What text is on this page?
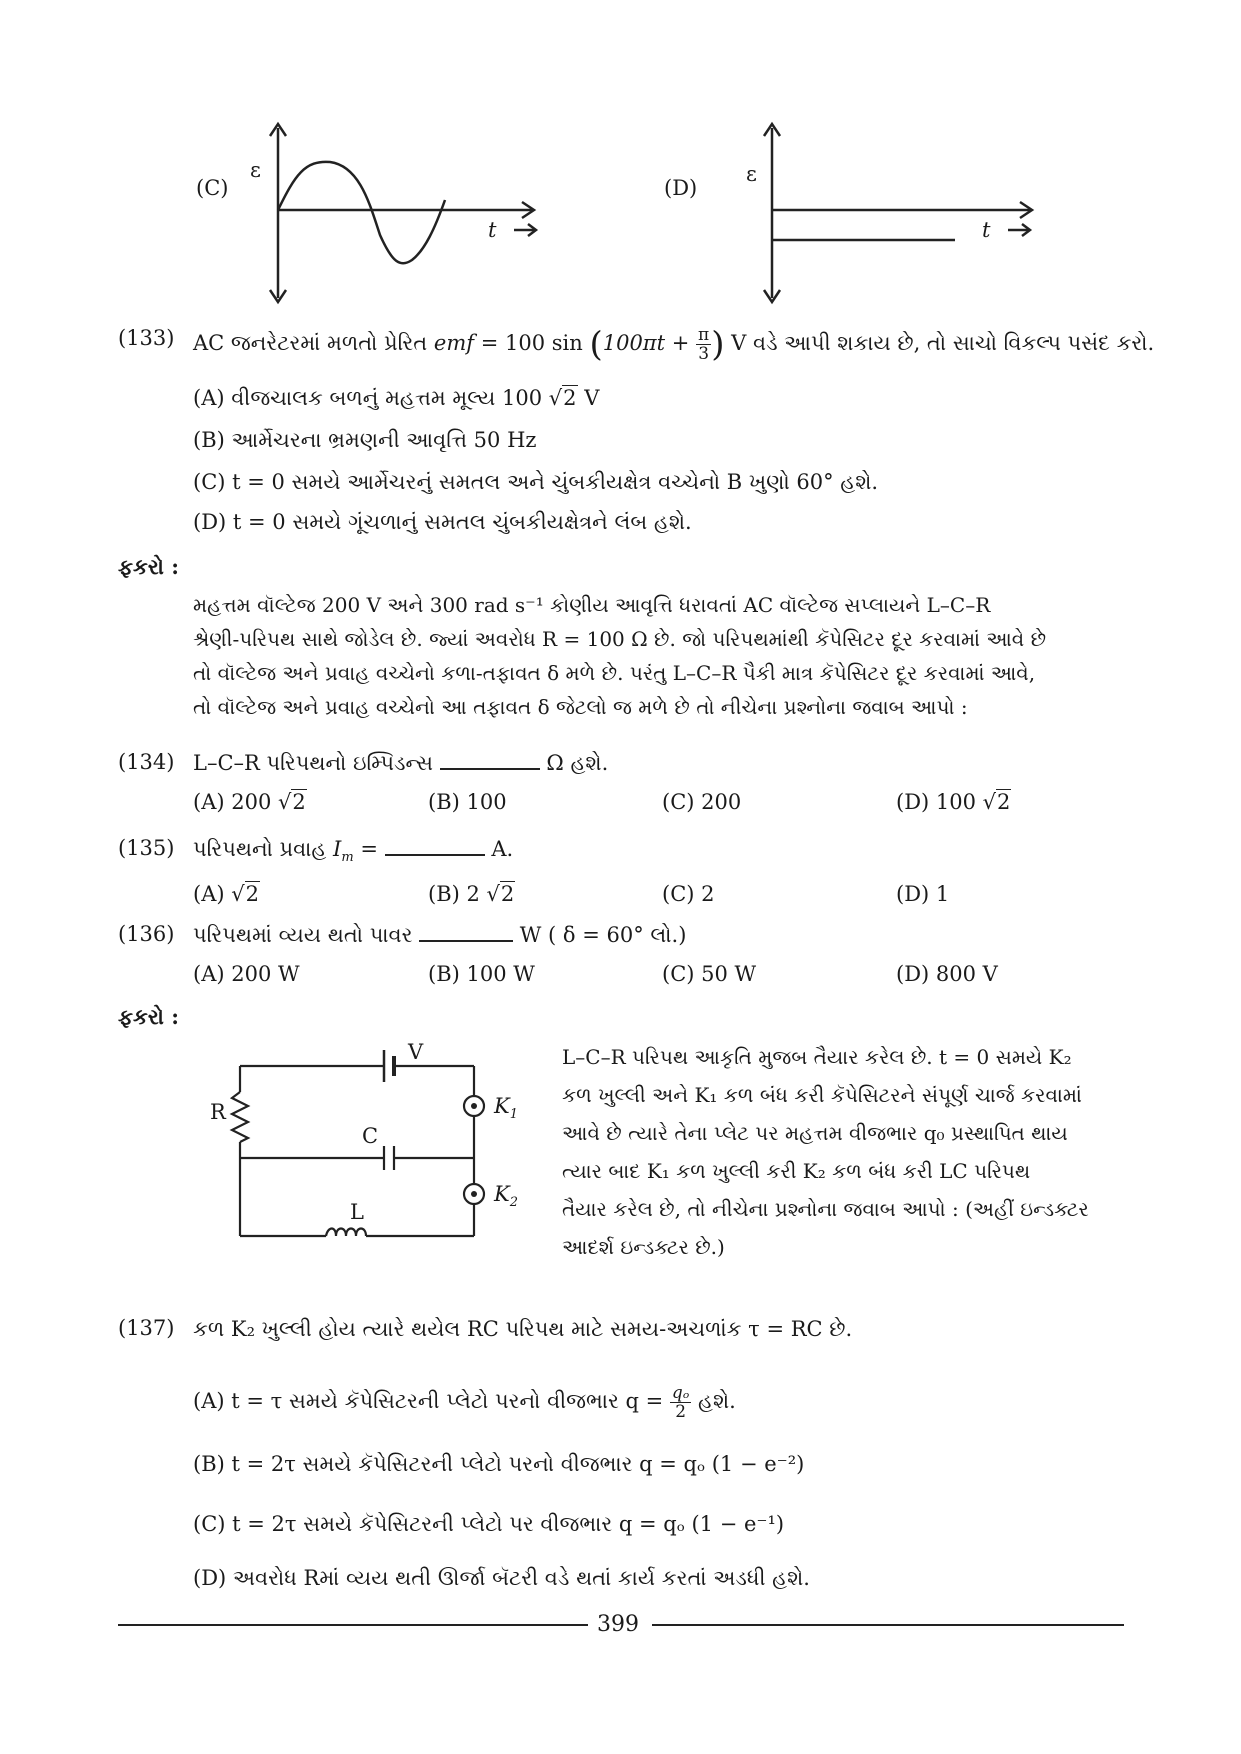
(C)
ε
t
(D)
ε
t
(133) AC જનરેટરમાં મળતો પ્રેરિત emf = 100 $\sin (100\pi t + \frac{\pi}{3}$ ) V વડે આપી શકાય છે, તો સાચો વિકલ્પ પસંદ કરો.
(A) વીજચાલક બળનું મહત્તમ મૂલ્ય 100 √2 V
(B) આર્મેચરના ભ્રમણની આવૃત્તિ 50 Hz
(C) t = 0 સમયે આર્મેચરનું સમતલ અને ચુંબકીયક્ષેત્ર વચ્ચેનો B ખુણો 60° હશે.
(D) t = 0 સમયે ગૂંચળાનું સમતલ ચુંબકીયક્ષેત્રને લંબ હશે.
ફકરો :
મહત્તમ વૉલ્ટેજ 200 V અને 300 rad s⁻¹ કોણીય આવૃત્તિ ધરાવતાં AC વૉલ્ટેજ સપ્લાયને L–C–R
શ્રેણી-પરિપથ સાથે જોડેલ છે. જ્યાં અવરોધ R = 100 Ω છે. જો પરિપથમાંથી કૅપેસિટર દૂર કરવામાં આવે છે
તો વૉલ્ટેજ અને પ્રવાહ વચ્ચેનો કળા-તફાવત δ મળે છે. પરંતુ L–C–R પૈકી માત્ર કૅપેસિટર દૂર કરવામાં આવે,
તો વૉલ્ટેજ અને પ્રવાહ વચ્ચેનો આ તફાવત δ જેટલો જ મળે છે તો નીચેના પ્રશ્નોના જવાબ આપો :
(134) L–C–R પરિપથનો ઇમ્પિડન્સ	Ω હશે.
(A) 200 √2	(B) 100	(C) 200	(D) 100 √2
(135) પરિપથનો પ્રવાહ $I_m$ =	A.
(A) √2	(B) 2 √2	(C) 2	(D) 1
(136) પરિપથમાં વ્યય થતો પાવર	W ( δ = 60° લો.)
(A) 200 W	(B) 100 W	(C) 50 W	(D) 800 V
ફકરો :
V
R
C
L
$K_1$
$K_2$
L–C–R પરિપથ આકૃતિ મુજબ તૈયાર કરેલ છે. t = 0 સમયે K₂
કળ ખુલ્લી અને K₁ કળ બંધ કરી કૅપેસિટરને સંપૂર્ણ ચાર્જ કરવામાં
આવે છે ત્યારે તેના પ્લેટ પર મહત્તમ વીજભાર q₀ પ્રસ્થાપિત થાય
ત્યાર બાદ K₁ કળ ખુલ્લી કરી K₂ કળ બંધ કરી LC પરિપથ
તૈયાર કરેલ છે, તો નીચેના પ્રશ્નોના જવાબ આપો : (અહીં ઇન્ડક્ટર
આદર્શ ઇન્ડક્ટર છે.)
(137) કળ K₂ ખુલ્લી હોય ત્યારે થયેલ RC પરિપથ માટે સમય-અચળાંક τ = RC છે.
(A) t = τ સમયે કૅપેસિટરની પ્લેટો પરનો વીજભાર $q = \frac{\text{qₒ}}{2}$ હશે.
(B) t = 2τ સમયે કૅપેસિટરની પ્લેટો પરનો વીજભાર q = qₒ (1 − e⁻²)
(C) t = 2τ સમયે કૅપેસિટરની પ્લેટો પર વીજભાર q = qₒ (1 − e⁻¹)
(D) અવરોધ Rમાં વ્યય થતી ઊર્જા બૅટરી વડે થતાં કાર્ય કરતાં અડધી હશે.
399
